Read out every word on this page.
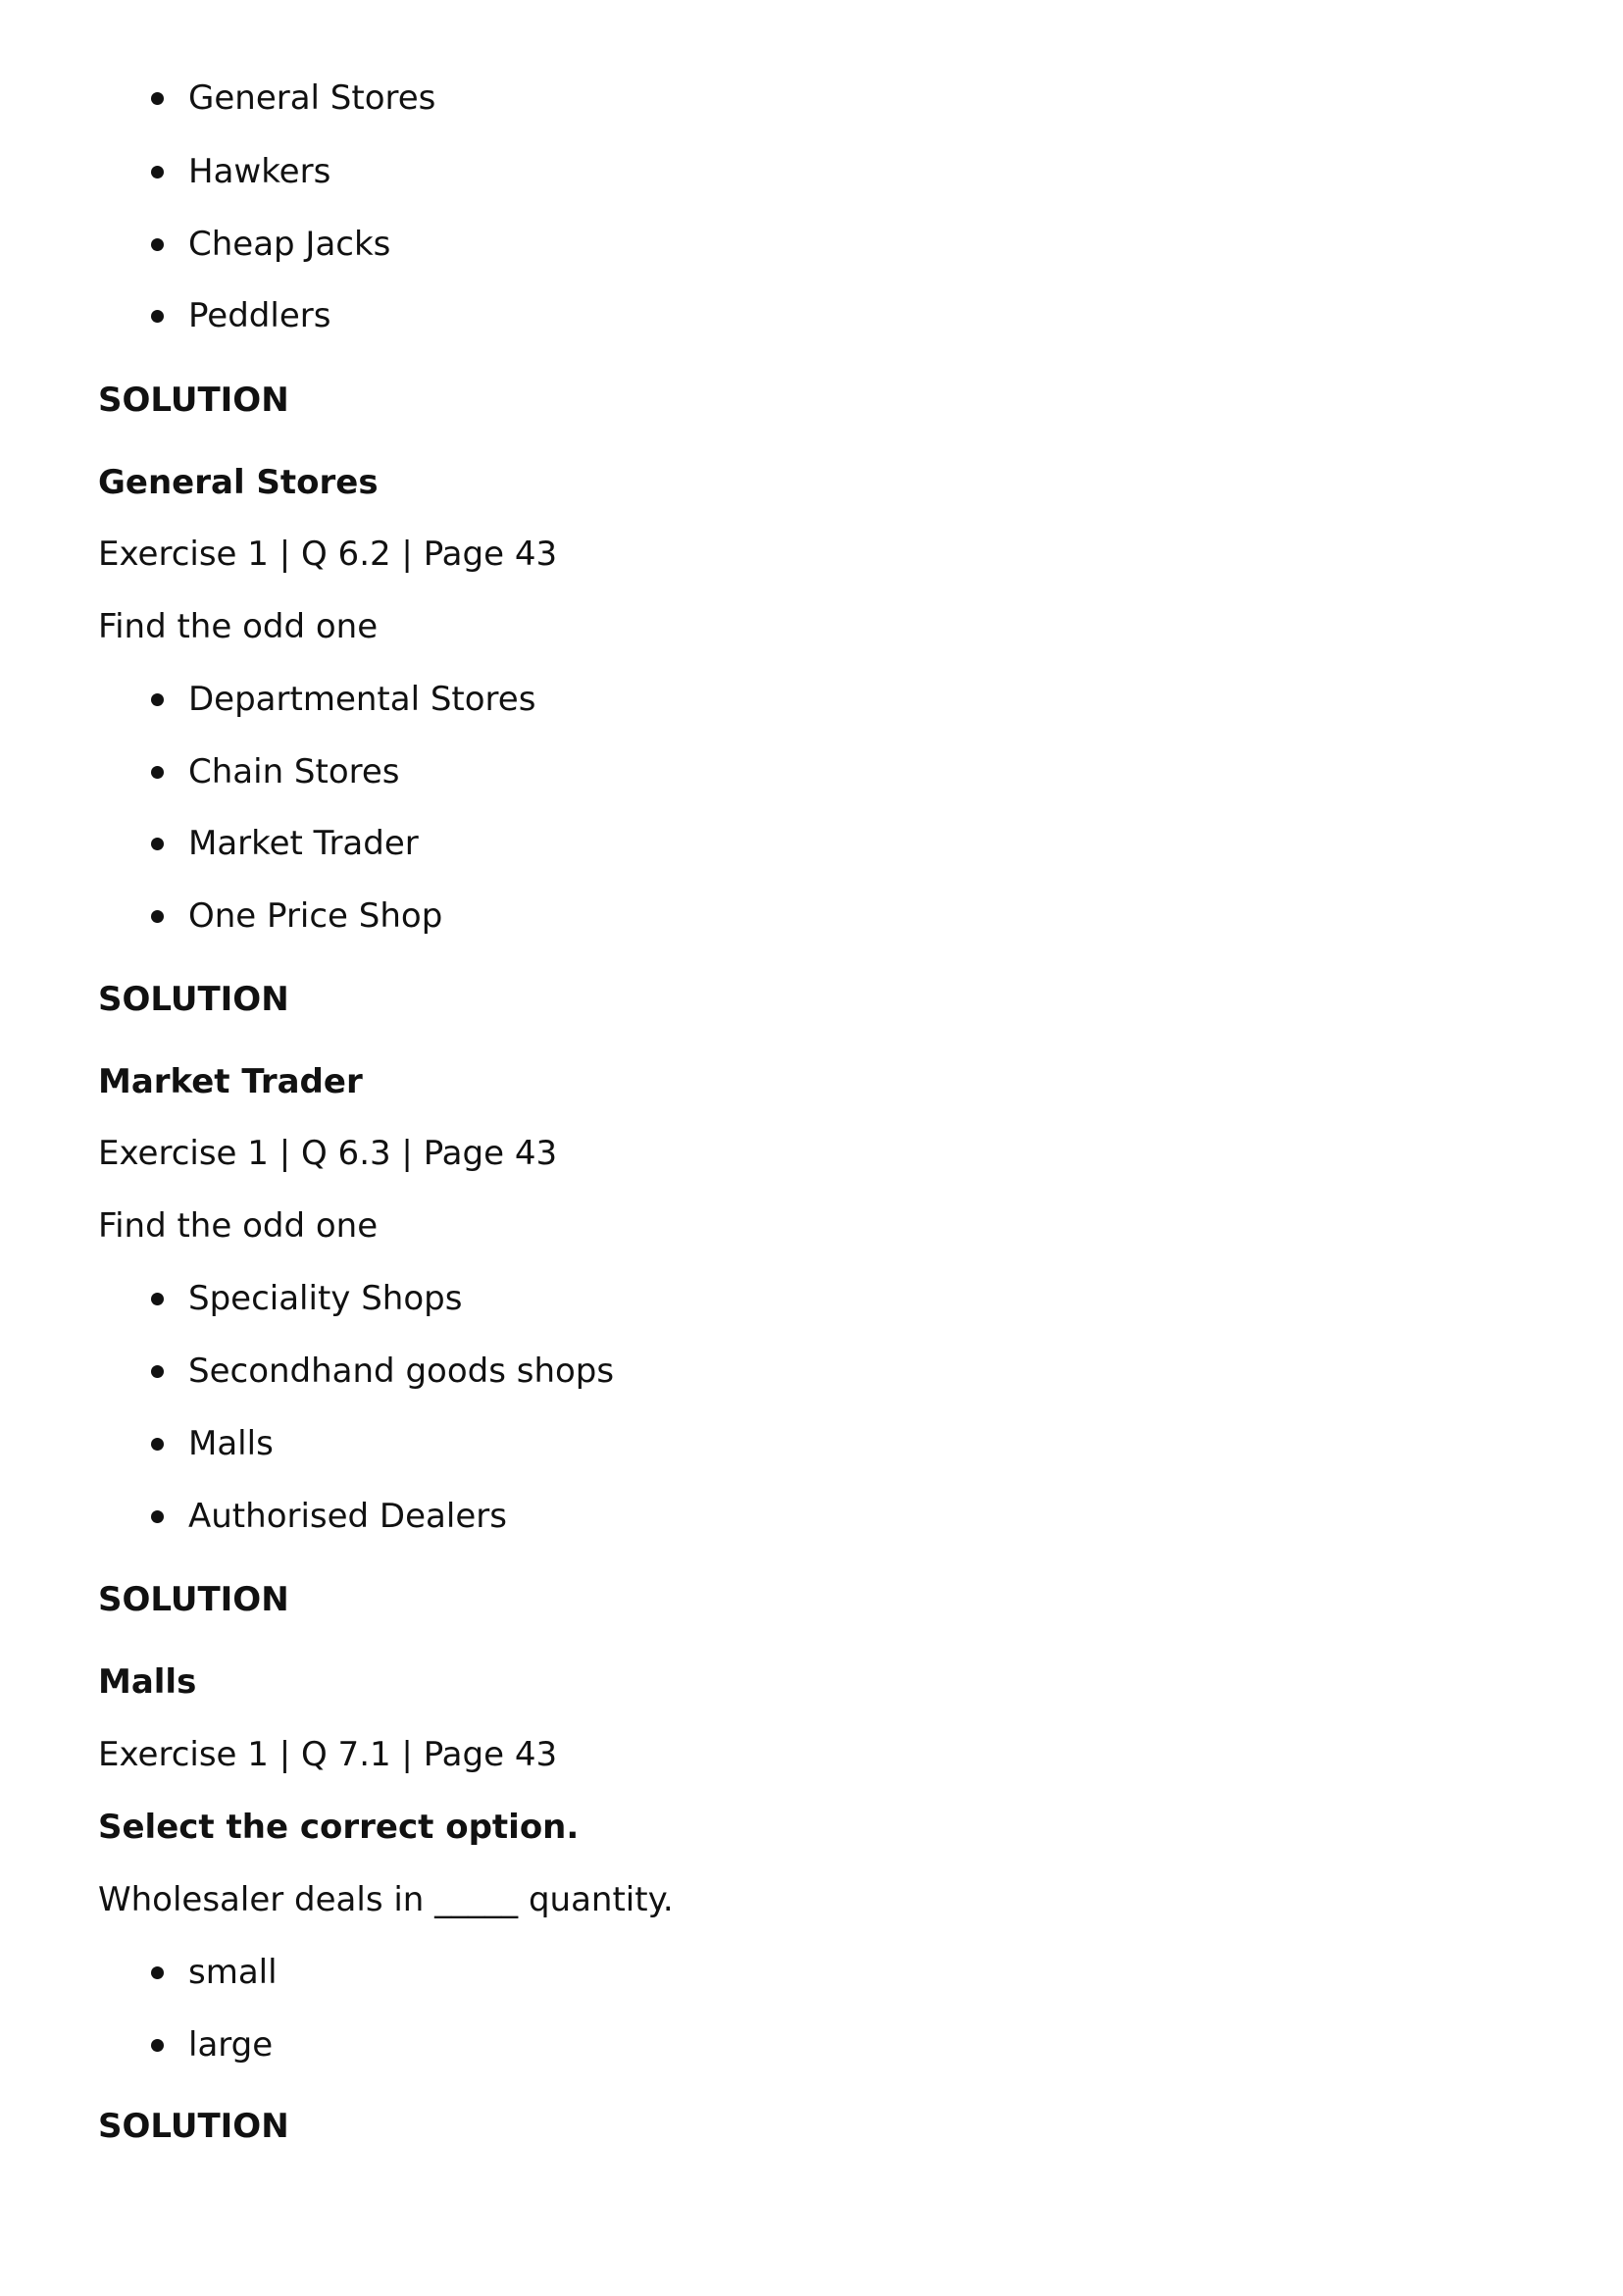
General Stores
Hawkers
Cheap Jacks
Peddlers
SOLUTION
General Stores
Exercise 1 | Q 6.2 | Page 43
Find the odd one
Departmental Stores
Chain Stores
Market Trader
One Price Shop
SOLUTION
Market Trader
Exercise 1 | Q 6.3 | Page 43
Find the odd one
Speciality Shops
Secondhand goods shops
Malls
Authorised Dealers
SOLUTION
Malls
Exercise 1 | Q 7.1 | Page 43
Select the correct option.
Wholesaler deals in _____ quantity.
small
large
SOLUTION
